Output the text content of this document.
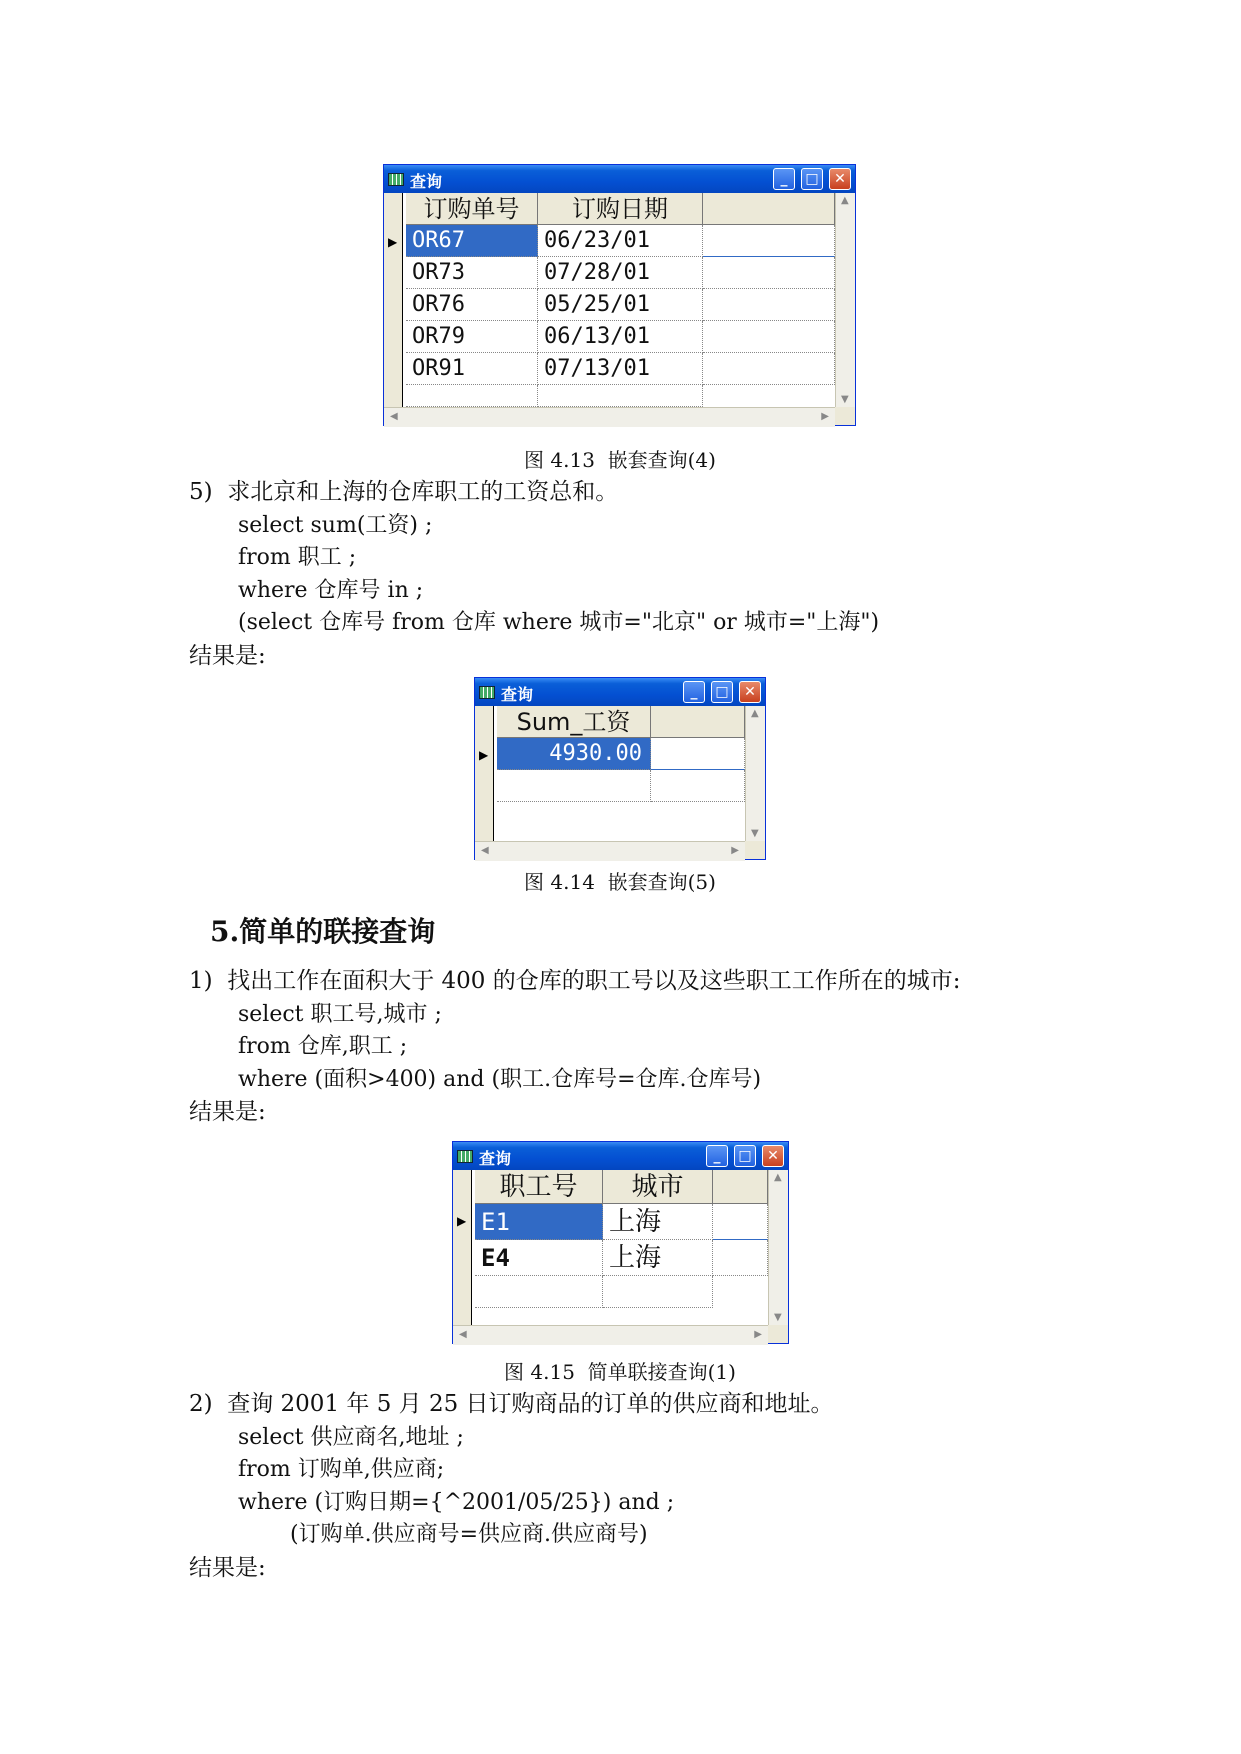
查询	_	□	✕
▶
订购单号	订购日期
OR67	06/23/01
OR73	07/28/01
OR76	05/25/01
OR79	06/13/01
OR91	07/13/01
▲
▼
◀	▶
图 4.13  嵌套查询(4)
5)  求北京和上海的仓库职工的工资总和。
select sum(工资) ;
from 职工 ;
where 仓库号 in ;
(select 仓库号 from 仓库 where 城市="北京" or 城市="上海")
结果是:
查询	_	□	✕
▶
Sum_工资
4930.00
▲
▼
◀	▶
图 4.14  嵌套查询(5)
5.简单的联接查询
1)  找出工作在面积大于 400 的仓库的职工号以及这些职工工作所在的城市:
select 职工号,城市 ;
from 仓库,职工 ;
where (面积>400) and (职工.仓库号=仓库.仓库号)
结果是:
查询	_	□	✕
▶
职工号	城市
E1	上海
E4	上海
▲
▼
◀	▶
图 4.15  简单联接查询(1)
2)  查询 2001 年 5 月 25 日订购商品的订单的供应商和地址。
select 供应商名,地址 ;
from 订购单,供应商;
where (订购日期={^2001/05/25}) and ;
(订购单.供应商号=供应商.供应商号)
结果是:
